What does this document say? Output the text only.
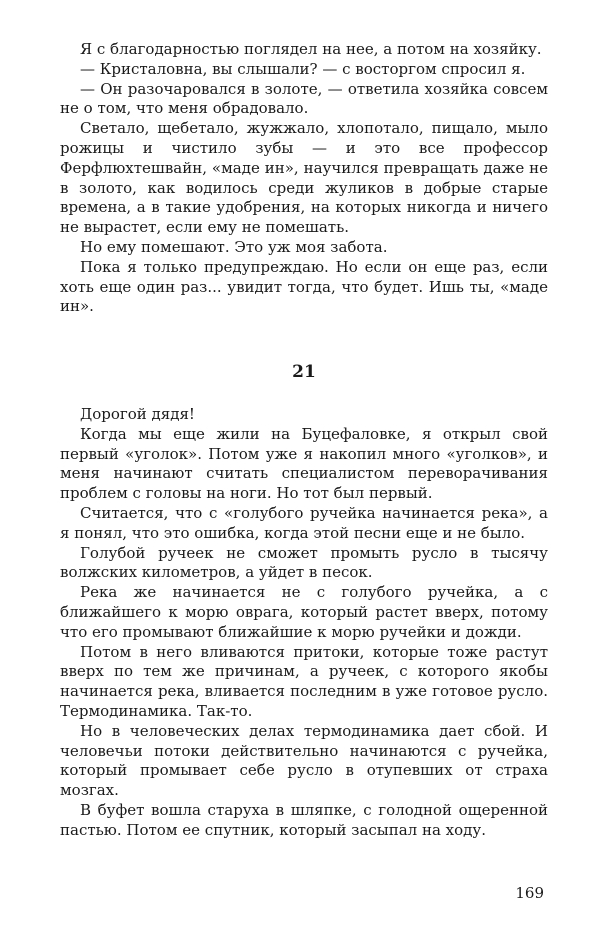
Я с благодарностью поглядел на нее, а потом на хозяйку.

— Кристаловна, вы слышали? — с восторгом спросил я.

— Он разочаровался в золоте, — ответила хозяйка совсем не о том, что меня обрадовало.

Светало, щебетало, жужжало, хлопотало, пищало, мыло рожицы и чистило зубы — и это все профессор Ферфлюхтешвайн, «маде ин», научился превращать даже не в золото, как водилось среди жуликов в добрые старые времена, а в такие удобрения, на которых никогда и ничего не вырастет, если ему не помешать.

Но ему помешают. Это уж моя забота.

Пока я только предупреждаю. Но если он еще раз, если хоть еще один раз... увидит тогда, что будет. Ишь ты, «маде ин».

21

Дорогой дядя!

Когда мы еще жили на Буцефаловке, я открыл свой первый «уголок». Потом уже я накопил много «уголков», и меня начинают считать специалистом переворачивания проблем с головы на ноги. Но тот был первый.

Считается, что с «голубого ручейка начинается река», а я понял, что это ошибка, когда этой песни еще и не было.

Голубой ручеек не сможет промыть русло в тысячу волжских километров, а уйдет в песок.

Река же начинается не с голубого ручейка, а с ближайшего к морю оврага, который растет вверх, потому что его промывают ближайшие к морю ручейки и дожди.

Потом в него вливаются притоки, которые тоже растут вверх по тем же причинам, а ручеек, с которого якобы начинается река, вливается последним в уже готовое русло. Термодинамика. Так-то.

Но в человеческих делах термодинамика дает сбой. И человечьи потоки действительно начинаются с ручейка, который промывает себе русло в отупевших от страха мозгах.

В буфет вошла старуха в шляпке, с голодной ощеренной пастью. Потом ее спутник, который засыпал на ходу.

169
